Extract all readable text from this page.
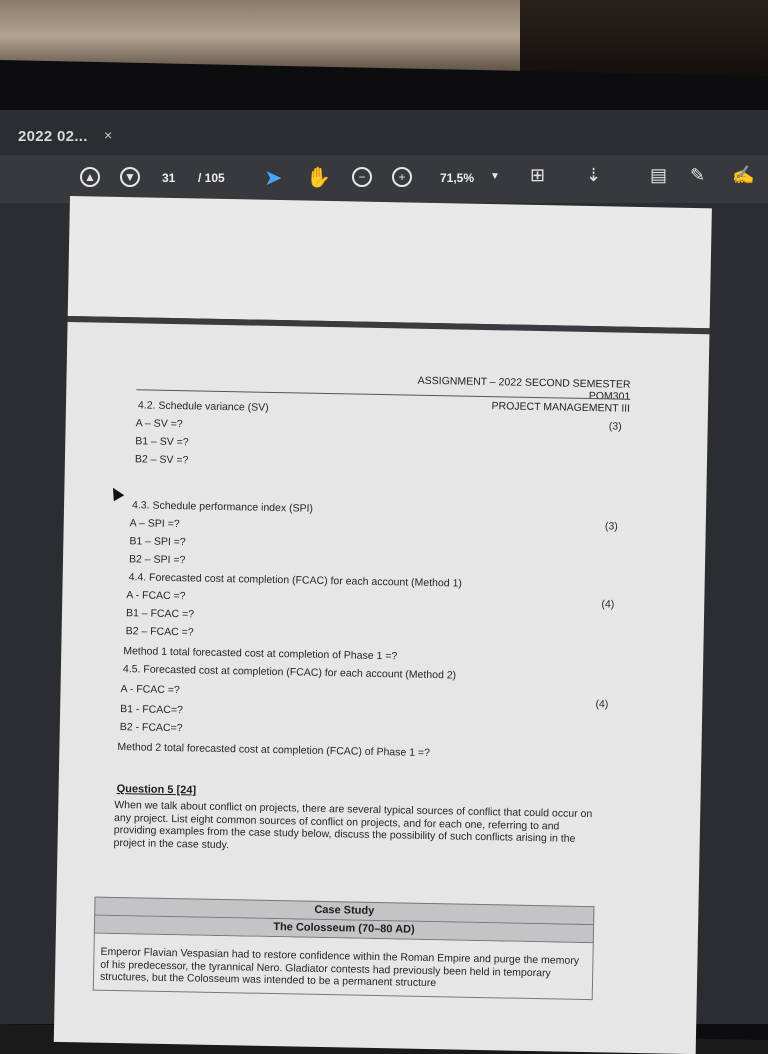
2022 02... ×
▲	▼	31 / 105 ➤ ✋	−	+	71,5% ▼ ⊞ ⇣	▤ ✎ ✍
ASSIGNMENT – 2022 SECOND SEMESTER
POM301
PROJECT MANAGEMENT III
4.2. Schedule variance (SV)
(3)
A – SV =?
B1 – SV =?
B2 – SV =?
4.3. Schedule performance index (SPI)
(3)
A – SPI =?
B1 – SPI =?
B2 – SPI =?
4.4. Forecasted cost at completion (FCAC) for each account (Method 1)
(4)
A - FCAC =?
B1 – FCAC =?
B2 – FCAC =?
Method 1 total forecasted cost at completion of Phase 1 =?
4.5. Forecasted cost at completion (FCAC) for each account (Method 2)
(4)
A - FCAC =?
B1 - FCAC=?
B2 - FCAC=?
Method 2 total forecasted cost at completion (FCAC) of Phase 1 =?
Question 5 [24]
When we talk about conflict on projects, there are several typical sources of conflict that could occur on any project. List eight common sources of conflict on projects, and for each one, referring to and providing examples from the case study below, discuss the possibility of such conflicts arising in the project in the case study.
Case Study
The Colosseum (70–80 AD)
Emperor Flavian Vespasian had to restore confidence within the Roman Empire and purge the memory of his predecessor, the tyrannical Nero. Gladiator contests had previously been held in temporary structures, but the Colosseum was intended to be a permanent structure
